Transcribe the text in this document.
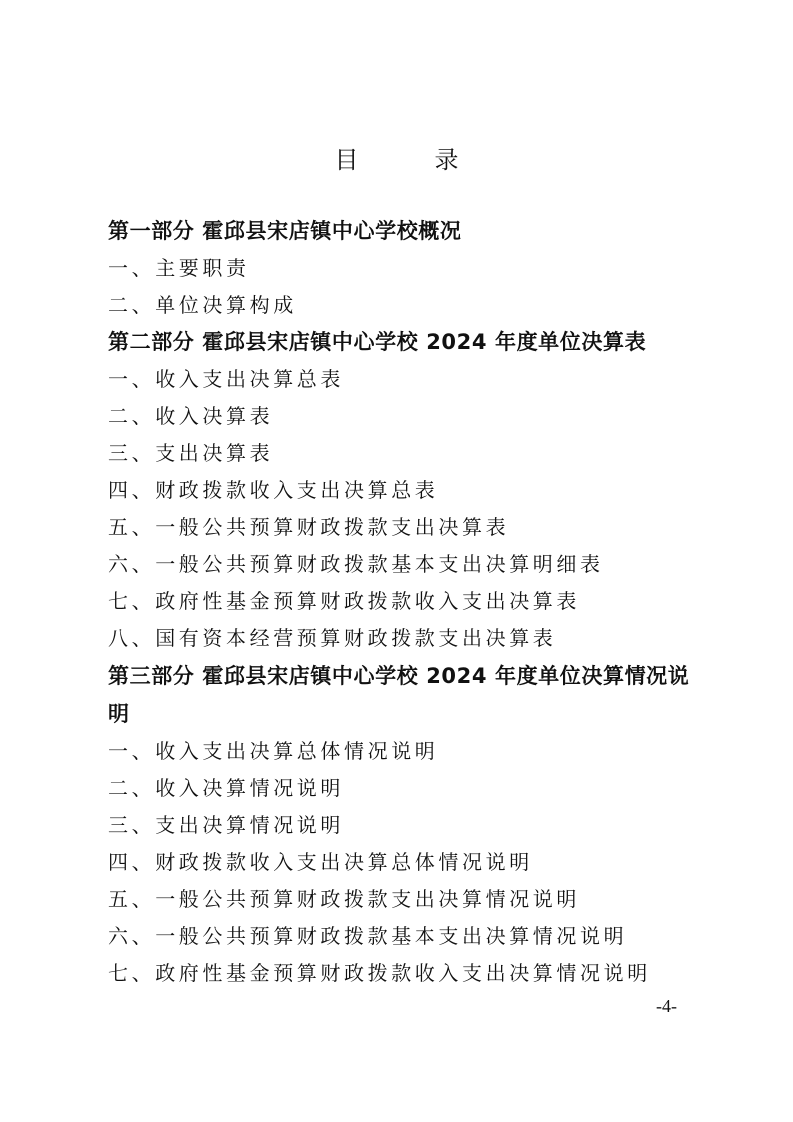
目　录
第一部分 霍邱县宋店镇中心学校概况
一、主要职责
二、单位决算构成
第二部分 霍邱县宋店镇中心学校 2024 年度单位决算表
一、收入支出决算总表
二、收入决算表
三、支出决算表
四、财政拨款收入支出决算总表
五、一般公共预算财政拨款支出决算表
六、一般公共预算财政拨款基本支出决算明细表
七、政府性基金预算财政拨款收入支出决算表
八、国有资本经营预算财政拨款支出决算表
第三部分 霍邱县宋店镇中心学校 2024 年度单位决算情况说明
一、收入支出决算总体情况说明
二、收入决算情况说明
三、支出决算情况说明
四、财政拨款收入支出决算总体情况说明
五、一般公共预算财政拨款支出决算情况说明
六、一般公共预算财政拨款基本支出决算情况说明
七、政府性基金预算财政拨款收入支出决算情况说明
-4-
